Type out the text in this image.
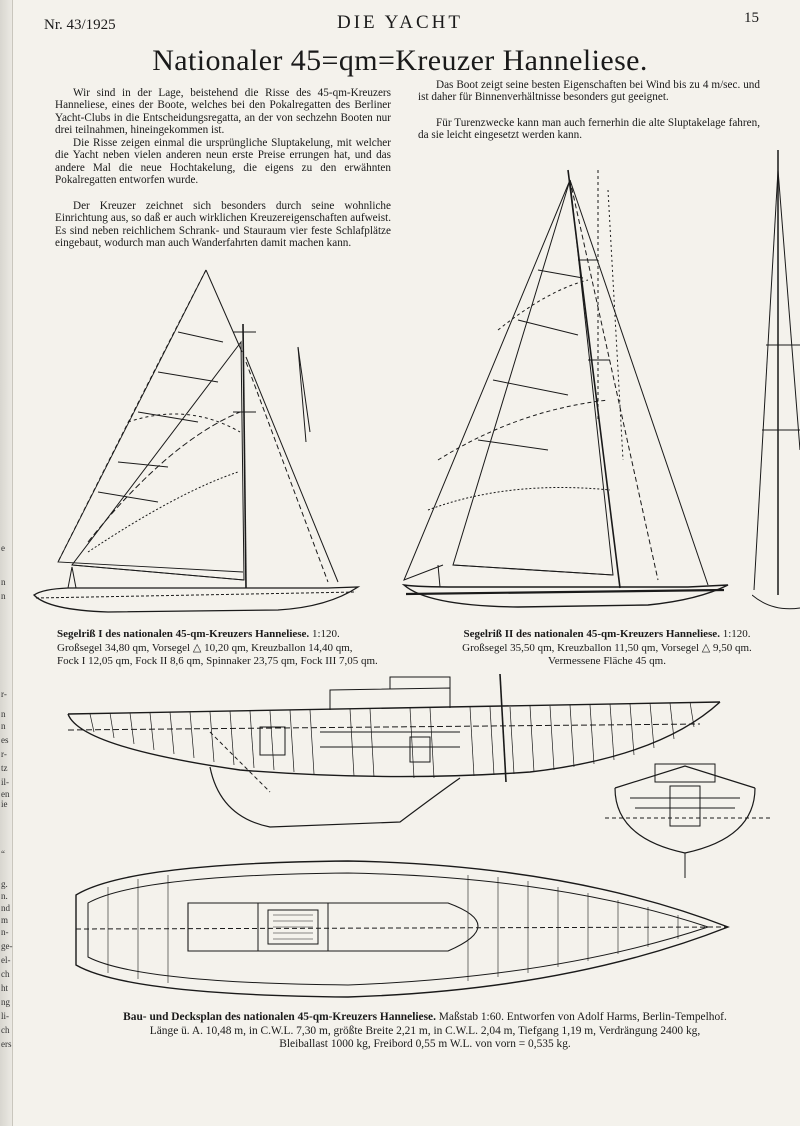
e
n
n
r-
n
n
es
r-
tz
il-
en
ie
“
g.
n.
nd
m
n-
ge-
el-
ch
ht
ng
li-
ch
ers
Nr. 43/1925	DIE YACHT	15
Nationaler 45=qm=Kreuzer Hanneliese.

Wir sind in der Lage, beistehend die Risse des 45-qm-Kreuzers Hanneliese, eines der Boote, welches bei den Pokalregatten des Berliner Yacht-Clubs in die Entscheidungsregatta, an der von sechzehn Booten nur drei teilnahmen, hineingekommen ist.

Die Risse zeigen einmal die ursprüngliche Sluptakelung, mit welcher die Yacht neben vielen anderen neun erste Preise errungen hat, und das andere Mal die neue Hochtakelung, die eigens zu den erwähnten Pokalregatten entworfen wurde.

Der Kreuzer zeichnet sich besonders durch seine wohnliche Einrichtung aus, so daß er auch wirklichen Kreuzereigenschaften aufweist. Es sind neben reichlichem Schrank- und Stauraum vier feste Schlafplätze eingebaut, wodurch man auch Wanderfahrten damit machen kann.

Das Boot zeigt seine besten Eigenschaften bei Wind bis zu 4 m/sec. und ist daher für Binnenverhältnisse besonders gut geeignet.

Für Turenzwecke kann man auch fernerhin die alte Sluptakelage fahren, da sie leicht eingesetzt werden kann.

Segelriß I des nationalen 45-qm-Kreuzers Hanneliese. 1:120.
Großsegel 34,80 qm, Vorsegel △ 10,20 qm, Kreuzballon 14,40 qm,
Fock I 12,05 qm, Fock II 8,6 qm, Spinnaker 23,75 qm, Fock III 7,05 qm.
Segelriß II des nationalen 45-qm-Kreuzers Hanneliese. 1:120.
Großsegel 35,50 qm, Kreuzballon 11,50 qm, Vorsegel △ 9,50 qm.
Vermessene Fläche 45 qm.
Bau- und Decksplan des nationalen 45-qm-Kreuzers Hanneliese. Maßstab 1:60. Entworfen von Adolf Harms, Berlin-Tempelhof.
Länge ü. A. 10,48 m, in C.W.L. 7,30 m, größte Breite 2,21 m, in C.W.L. 2,04 m, Tiefgang 1,19 m, Verdrängung 2400 kg,
Bleiballast 1000 kg, Freibord 0,55 m W.L. von vorn = 0,535 kg.
